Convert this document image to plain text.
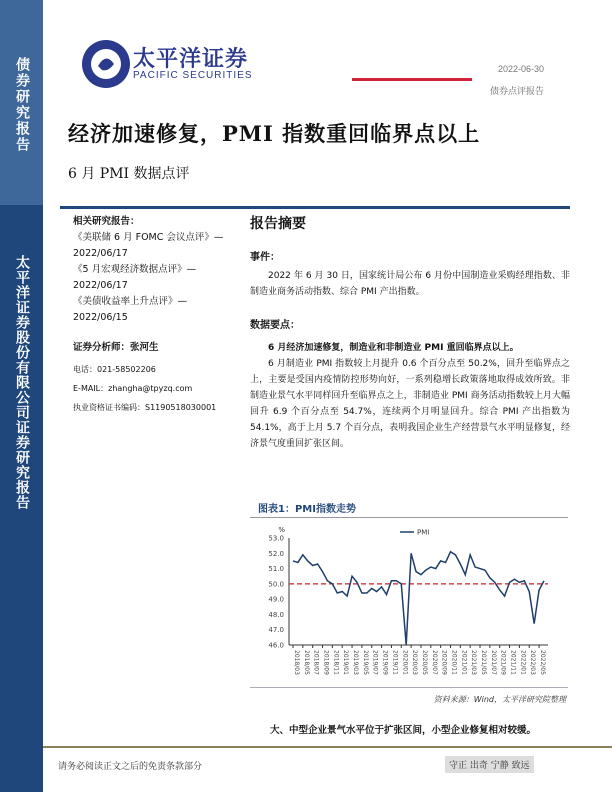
债券研究报告
太平洋证券股份有限公司证券研究报告
太平洋证券
PACIFIC SECURITIES
2022-06-30
债券点评报告
经济加速修复，PMI 指数重回临界点以上
6 月 PMI 数据点评
相关研究报告：
《美联储 6 月 FOMC 会议点评》—
2022/06/17
《5 月宏观经济数据点评》—
2022/06/17
《美债收益率上升点评》—
2022/06/15
证券分析师：张河生
电话：021-58502206
E-MAIL：zhangha@tpyzq.com
执业资格证书编码：S1190518030001
报告摘要
事件：
2022 年 6 月 30 日，国家统计局公布 6 月份中国制造业采购经理指数、非制造业商务活动指数、综合 PMI 产出指数。
数据要点：
6 月经济加速修复，制造业和非制造业 PMI 重回临界点以上。
6 月制造业 PMI 指数较上月提升 0.6 个百分点至 50.2%，回升至临界点之上，主要是受国内疫情防控形势向好，一系列稳增长政策落地取得成效所致。非制造业景气水平同样回升至临界点之上，非制造业 PMI 商务活动指数较上月大幅回升 6.9 个百分点至 54.7%，连续两个月明显回升。综合 PMI 产出指数为 54.1%，高于上月 5.7 个百分点，表明我国企业生产经营景气水平明显修复，经济景气度重回扩张区间。
图表1：PMI指数走势
%
46.0
47.0
48.0
49.0
50.0
51.0
52.0
53.0
2018/03 2018/05 2018/07 2018/09 2018/11 2019/01 2019/03 2019/05 2019/07 2019/09 2019/11 2020/01 2020/03 2020/05 2020/07 2020/09 2020/11 2021/01 2021/03 2021/05 2021/07 2021/09 2021/11 2022/01 2022/03 2022/05
PMI
资料来源：Wind，太平洋研究院整理
大、中型企业景气水平位于扩张区间，小型企业修复相对较缓。
请务必阅读正文之后的免责条款部分	守正 出奇 宁静 致远
